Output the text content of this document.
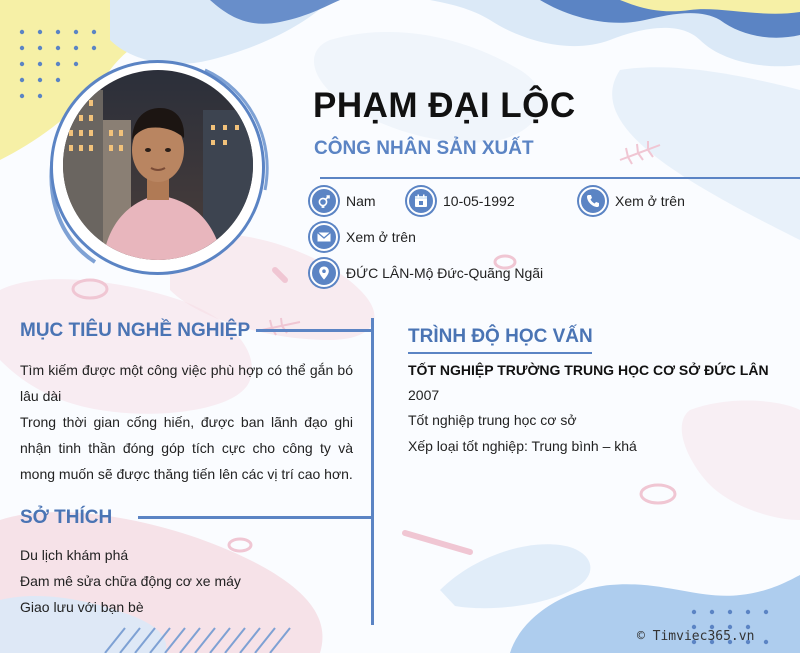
PHẠM ĐẠI LỘC
CÔNG NHÂN SẢN XUẤT
Nam	10-05-1992	Xem ở trên
Xem ở trên
ĐỨC LÂN-Mộ Đức-Quãng Ngãi
MỤC TIÊU NGHỀ NGHIỆP
Tìm kiếm được một công việc phù hợp có thể gắn bó lâu dài
Trong thời gian cống hiến, được ban lãnh đạo ghi nhận tinh thần đóng góp tích cực cho công ty và mong muốn sẽ được thăng tiến lên các vị trí cao hơn.
SỞ THÍCH
Du lịch khám phá
Đam mê sửa chữa động cơ xe máy
Giao lưu với bạn bè
TRÌNH ĐỘ HỌC VẤN
TỐT NGHIỆP TRƯỜNG TRUNG HỌC CƠ SỞ ĐỨC LÂN
2007
Tốt nghiệp trung học cơ sở
Xếp loại tốt nghiệp: Trung bình – khá
© Timviec365.vn
